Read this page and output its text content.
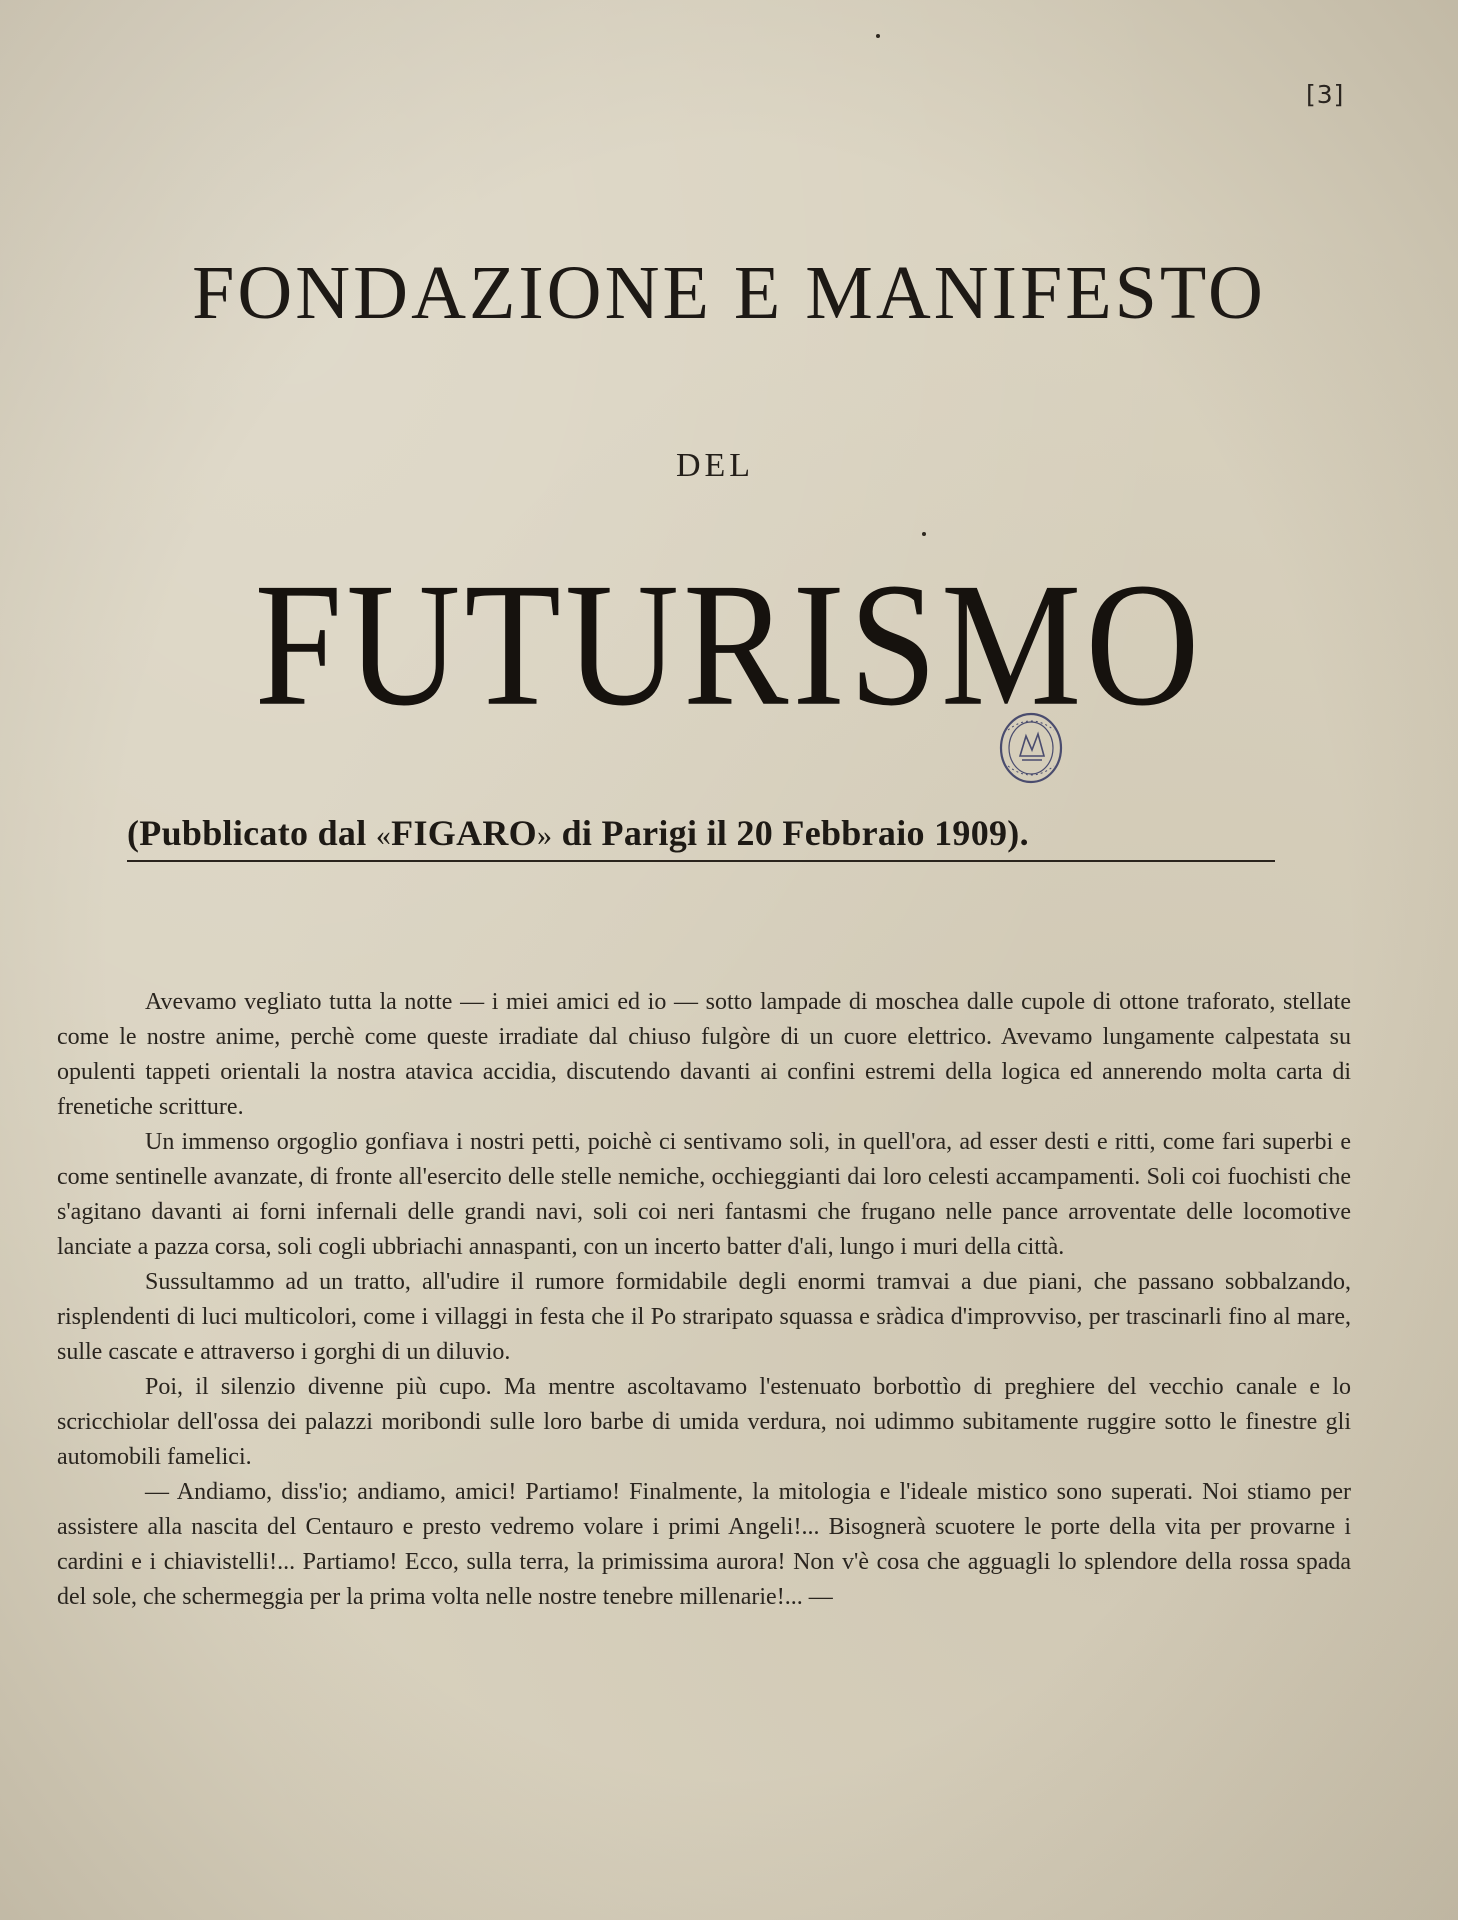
[3]
FONDAZIONE E MANIFESTO
DEL
FUTURISMO
(Pubblicato dal «FIGARO» di Parigi il 20 Febbraio 1909).

Avevamo vegliato tutta la notte — i miei amici ed io — sotto lampade di moschea dalle cupole di ottone traforato, stellate come le nostre anime, perchè come queste irradiate dal chiuso fulgòre di un cuore elettrico. Avevamo lungamente calpestata su opulenti tappeti orientali la nostra atavica accidia, discutendo davanti ai confini estremi della logica ed annerendo molta carta di frenetiche scritture.

Un immenso orgoglio gonfiava i nostri petti, poichè ci sentivamo soli, in quell'ora, ad esser desti e ritti, come fari superbi e come sentinelle avanzate, di fronte all'esercito delle stelle nemiche, occhieggianti dai loro celesti accampamenti. Soli coi fuochisti che s'agitano davanti ai forni infernali delle grandi navi, soli coi neri fantasmi che frugano nelle pance arroventate delle locomotive lanciate a pazza corsa, soli cogli ubbriachi annaspanti, con un incerto batter d'ali, lungo i muri della città.

Sussultammo ad un tratto, all'udire il rumore formidabile degli enormi tramvai a due piani, che passano sobbalzando, risplendenti di luci multicolori, come i villaggi in festa che il Po straripato squassa e sràdica d'improvviso, per trascinarli fino al mare, sulle cascate e attraverso i gorghi di un diluvio.

Poi, il silenzio divenne più cupo. Ma mentre ascoltavamo l'estenuato borbottìo di preghiere del vecchio canale e lo scricchiolar dell'ossa dei palazzi moribondi sulle loro barbe di umida verdura, noi udimmo subitamente ruggire sotto le finestre gli automobili famelici.

— Andiamo, diss'io; andiamo, amici! Partiamo! Finalmente, la mitologia e l'ideale mistico sono superati. Noi stiamo per assistere alla nascita del Centauro e presto vedremo volare i primi Angeli!... Bisognerà scuotere le porte della vita per provarne i cardini e i chiavistelli!... Partiamo! Ecco, sulla terra, la primissima aurora! Non v'è cosa che agguagli lo splendore della rossa spada del sole, che schermeggia per la prima volta nelle nostre tenebre millenarie!... —
